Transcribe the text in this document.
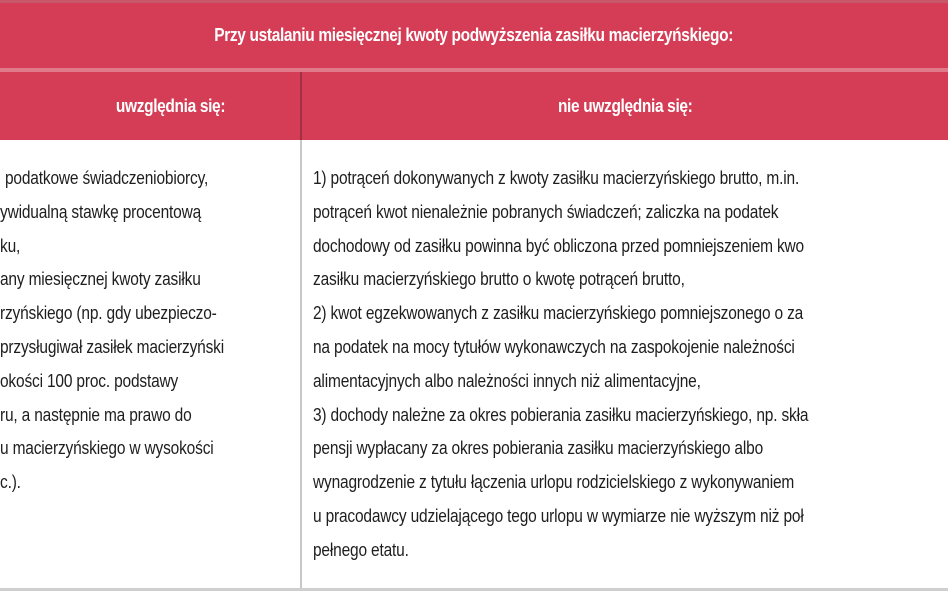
Przy ustalaniu miesięcznej kwoty podwyższenia zasiłku macierzyńskiego:
uwzględnia się:	nie uwzględnia się:
podatkowe świadczeniobiorcy,
ywidualną stawkę procentową
ku,
any miesięcznej kwoty zasiłku
rzyńskiego (np. gdy ubezpieczo-
przysługiwał zasiłek macierzyński
okości 100 proc. podstawy
ru, a następnie ma prawo do
u macierzyńskiego w wysokości
c.).
1) potrąceń dokonywanych z kwoty zasiłku macierzyńskiego brutto, m.in.
potrąceń kwot nienależnie pobranych świadczeń; zaliczka na podatek
dochodowy od zasiłku powinna być obliczona przed pomniejszeniem kwo
zasiłku macierzyńskiego brutto o kwotę potrąceń brutto,
2) kwot egzekwowanych z zasiłku macierzyńskiego pomniejszonego o za
na podatek na mocy tytułów wykonawczych na zaspokojenie należności
alimentacyjnych albo należności innych niż alimentacyjne,
3) dochody należne za okres pobierania zasiłku macierzyńskiego, np. skła
pensji wypłacany za okres pobierania zasiłku macierzyńskiego albo
wynagrodzenie z tytułu łączenia urlopu rodzicielskiego z wykonywaniem
u pracodawcy udzielającego tego urlopu w wymiarze nie wyższym niż poł
pełnego etatu.
